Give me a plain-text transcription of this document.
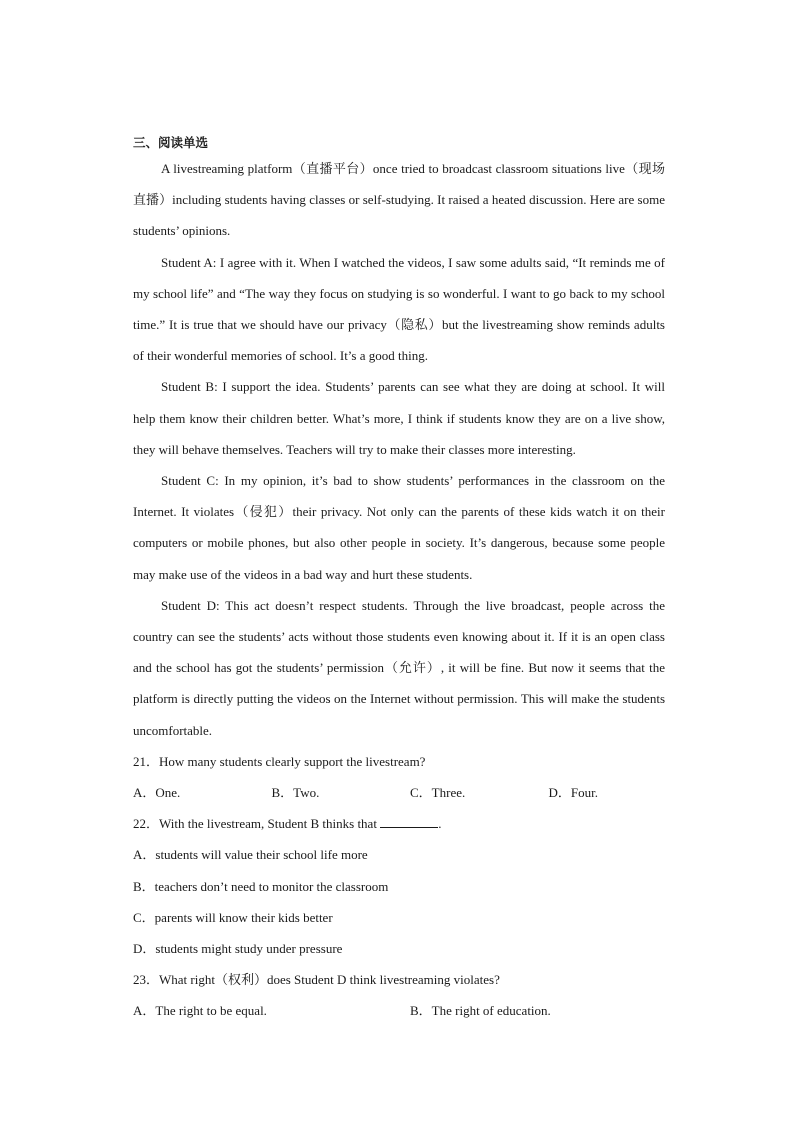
三、阅读单选

A livestreaming platform（直播平台）once tried to broadcast classroom situations live（现场直播）including students having classes or self-studying. It raised a heated discussion. Here are some students’ opinions.

Student A: I agree with it. When I watched the videos, I saw some adults said, “It reminds me of my school life” and “The way they focus on studying is so wonderful. I want to go back to my school time.” It is true that we should have our privacy（隐私）but the livestreaming show reminds adults of their wonderful memories of school. It’s a good thing.

Student B: I support the idea. Students’ parents can see what they are doing at school. It will help them know their children better. What’s more, I think if students know they are on a live show, they will behave themselves. Teachers will try to make their classes more interesting.

Student C: In my opinion, it’s bad to show students’ performances in the classroom on the Internet. It violates（侵犯）their privacy. Not only can the parents of these kids watch it on their computers or mobile phones, but also other people in society. It’s dangerous, because some people may make use of the videos in a bad way and hurt these students.

Student D: This act doesn’t respect students. Through the live broadcast, people across the country can see the students’ acts without those students even knowing about it. If it is an open class and the school has got the students’ permission（允许）, it will be fine. But now it seems that the platform is directly putting the videos on the Internet without permission. This will make the students uncomfortable.

21．How many students clearly support the livestream?

A．One.	B．Two.	C．Three.	D．Four.

22．With the livestream, Student B thinks that	.

A．students will value their school life more
B．teachers don’t need to monitor the classroom
C．parents will know their kids better
D．students might study under pressure

23．What right（权利）does Student D think livestreaming violates?

A．The right to be equal.	B．The right of education.
